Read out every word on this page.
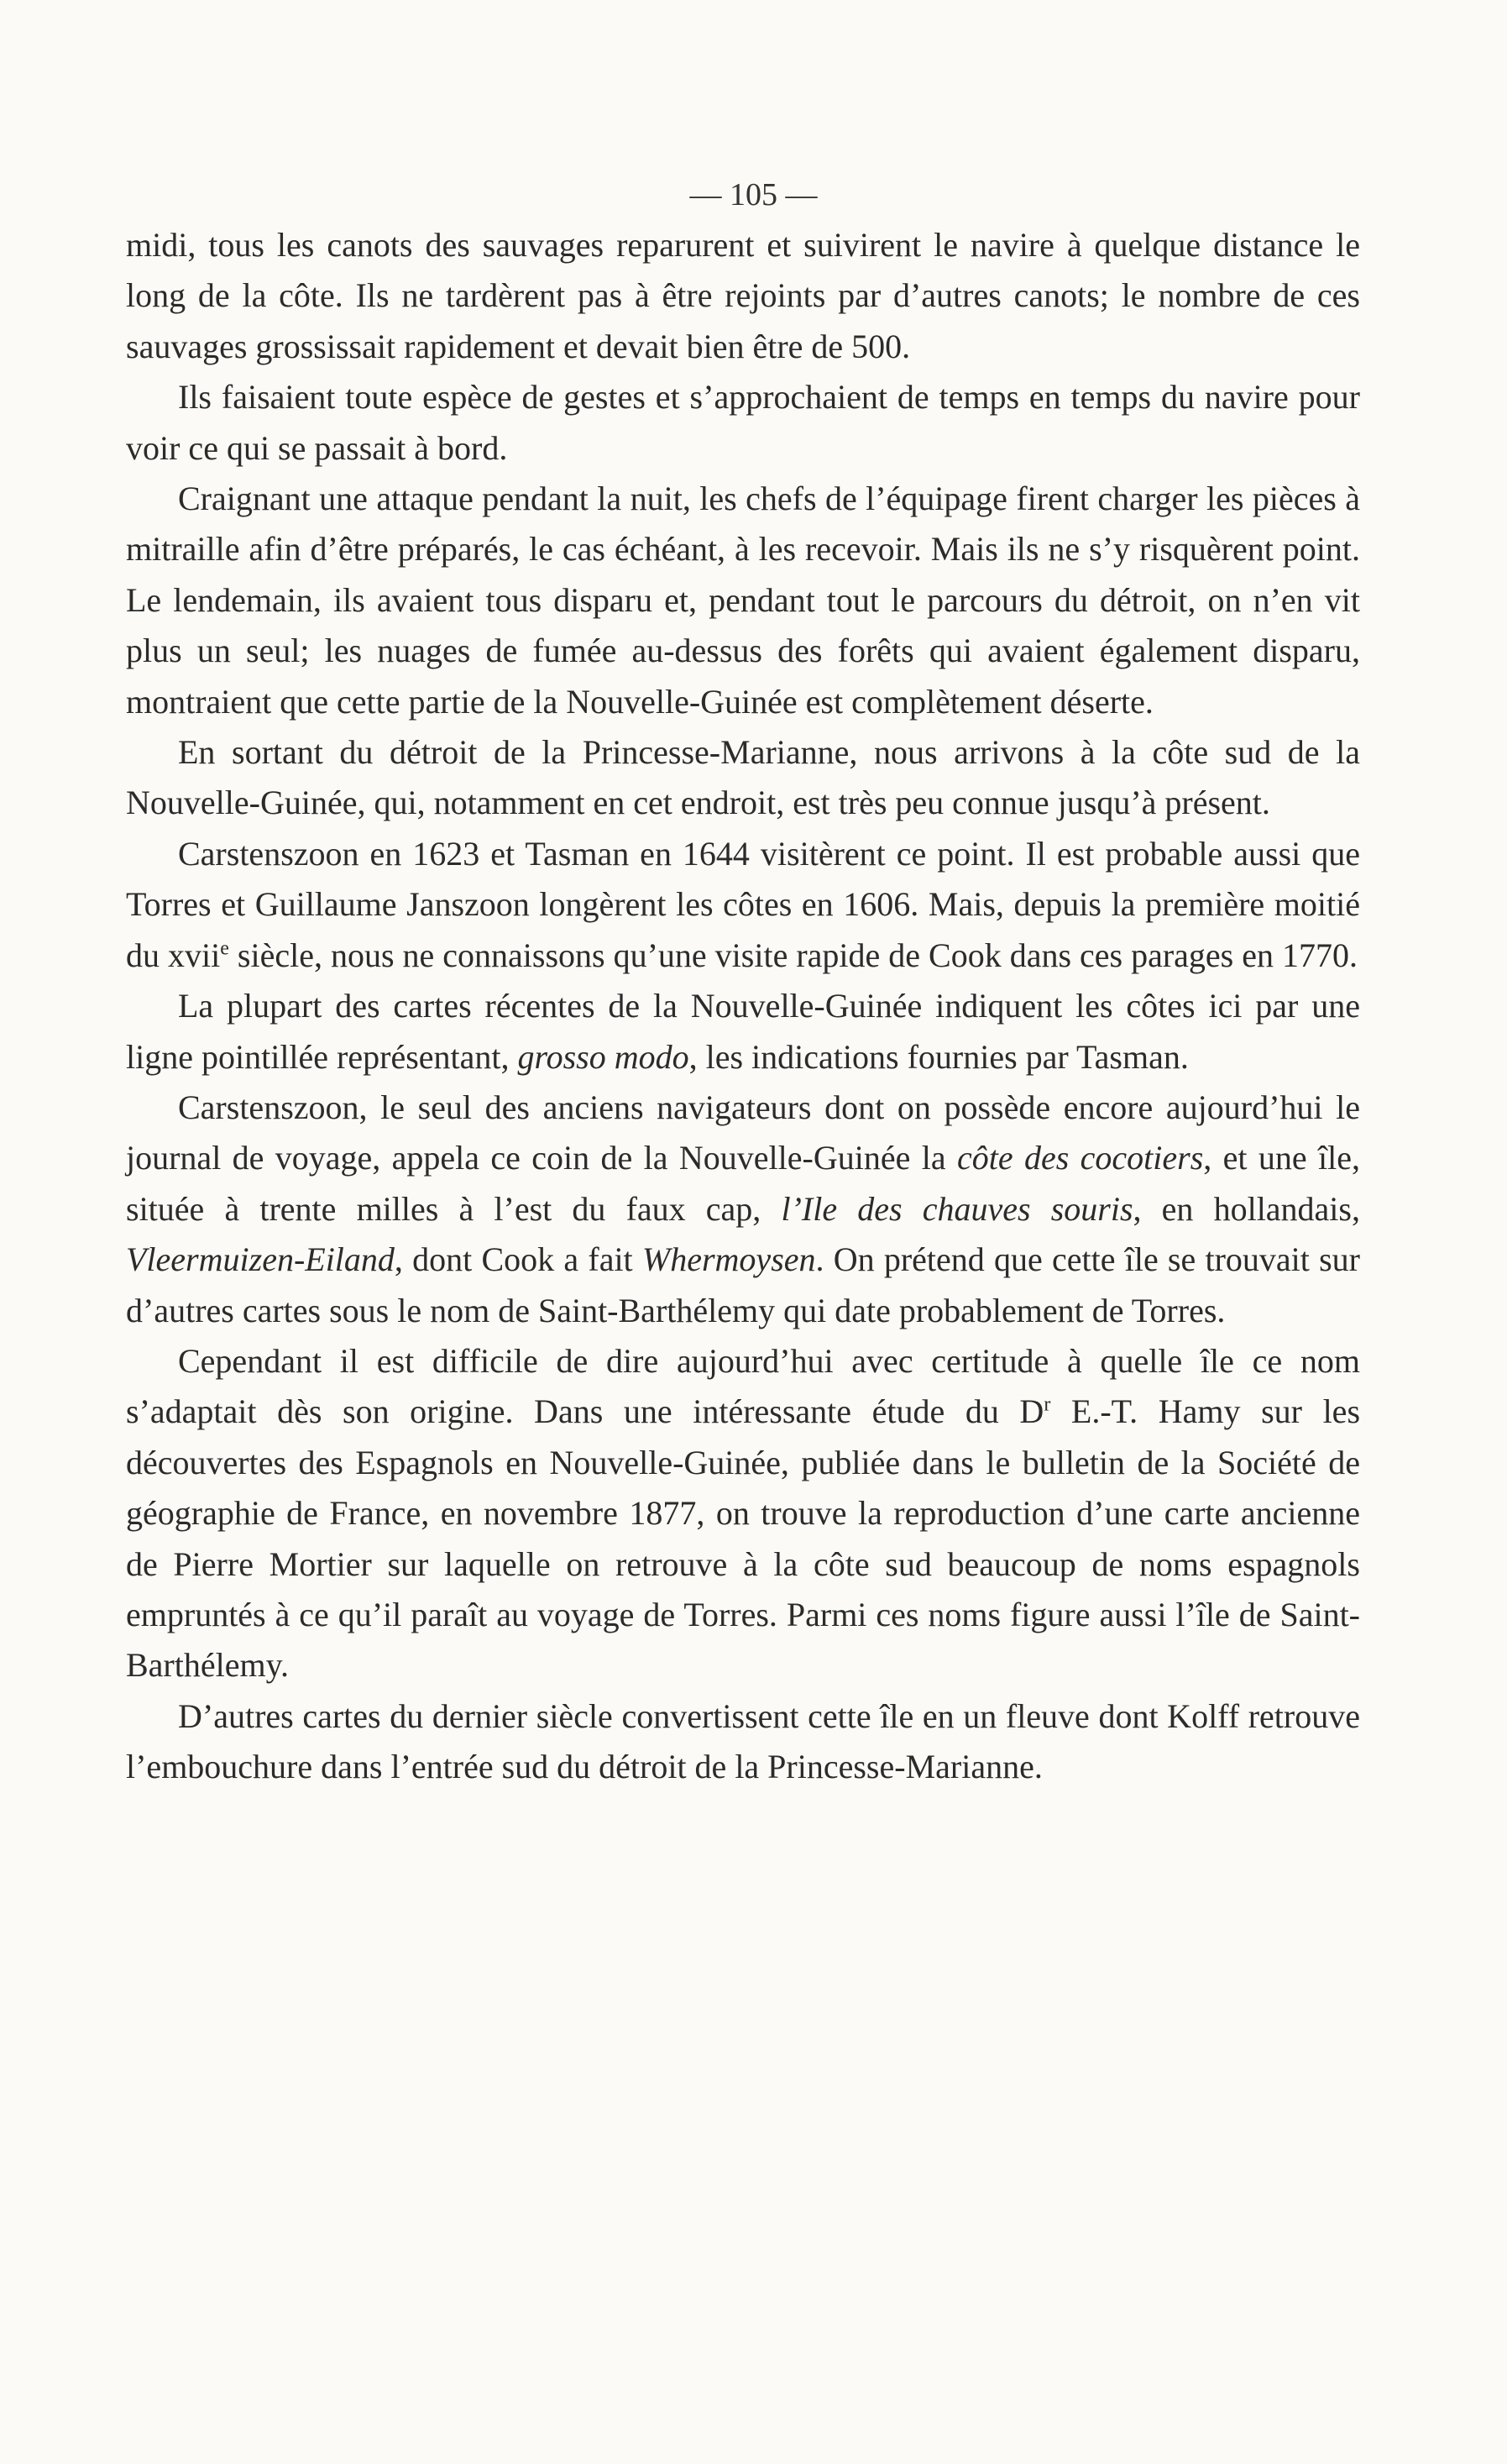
— 105 —

midi, tous les canots des sauvages reparurent et suivirent le navire à quelque distance le long de la côte. Ils ne tardèrent pas à être rejoints par d’autres canots; le nombre de ces sauvages grossissait rapidement et devait bien être de 500.

Ils faisaient toute espèce de gestes et s’approchaient de temps en temps du navire pour voir ce qui se passait à bord.

Craignant une attaque pendant la nuit, les chefs de l’équipage firent charger les pièces à mitraille afin d’être préparés, le cas échéant, à les recevoir. Mais ils ne s’y risquèrent point. Le lendemain, ils avaient tous disparu et, pendant tout le parcours du détroit, on n’en vit plus un seul; les nuages de fumée au-dessus des forêts qui avaient également disparu, montraient que cette partie de la Nouvelle-Guinée est complètement déserte.

En sortant du détroit de la Princesse-Marianne, nous arrivons à la côte sud de la Nouvelle-Guinée, qui, notamment en cet endroit, est très peu connue jusqu’à présent.

Carstenszoon en 1623 et Tasman en 1644 visitèrent ce point. Il est probable aussi que Torres et Guillaume Janszoon longèrent les côtes en 1606. Mais, depuis la première moitié du xvii$^e$ siècle, nous ne connaissons qu’une visite rapide de Cook dans ces parages en 1770.

La plupart des cartes récentes de la Nouvelle-Guinée indiquent les côtes ici par une ligne pointillée représentant, grosso modo, les indications fournies par Tasman.

Carstenszoon, le seul des anciens navigateurs dont on possède encore aujourd’hui le journal de voyage, appela ce coin de la Nouvelle-Guinée la côte des cocotiers, et une île, située à trente milles à l’est du faux cap, l’Ile des chauves souris, en hollandais, Vleermuizen-Eiland, dont Cook a fait Whermoysen. On prétend que cette île se trouvait sur d’autres cartes sous le nom de Saint-Barthélemy qui date probablement de Torres.

Cependant il est difficile de dire aujourd’hui avec certitude à quelle île ce nom s’adaptait dès son origine. Dans une intéressante étude du $D^r$ E.-T. Hamy sur les découvertes des Espagnols en Nouvelle-Guinée, publiée dans le bulletin de la Société de géographie de France, en novembre 1877, on trouve la reproduction d’une carte ancienne de Pierre Mortier sur laquelle on retrouve à la côte sud beaucoup de noms espagnols empruntés à ce qu’il paraît au voyage de Torres. Parmi ces noms figure aussi l’île de Saint-Barthélemy.

D’autres cartes du dernier siècle convertissent cette île en un fleuve dont Kolff retrouve l’embouchure dans l’entrée sud du détroit de la Princesse-Marianne.
